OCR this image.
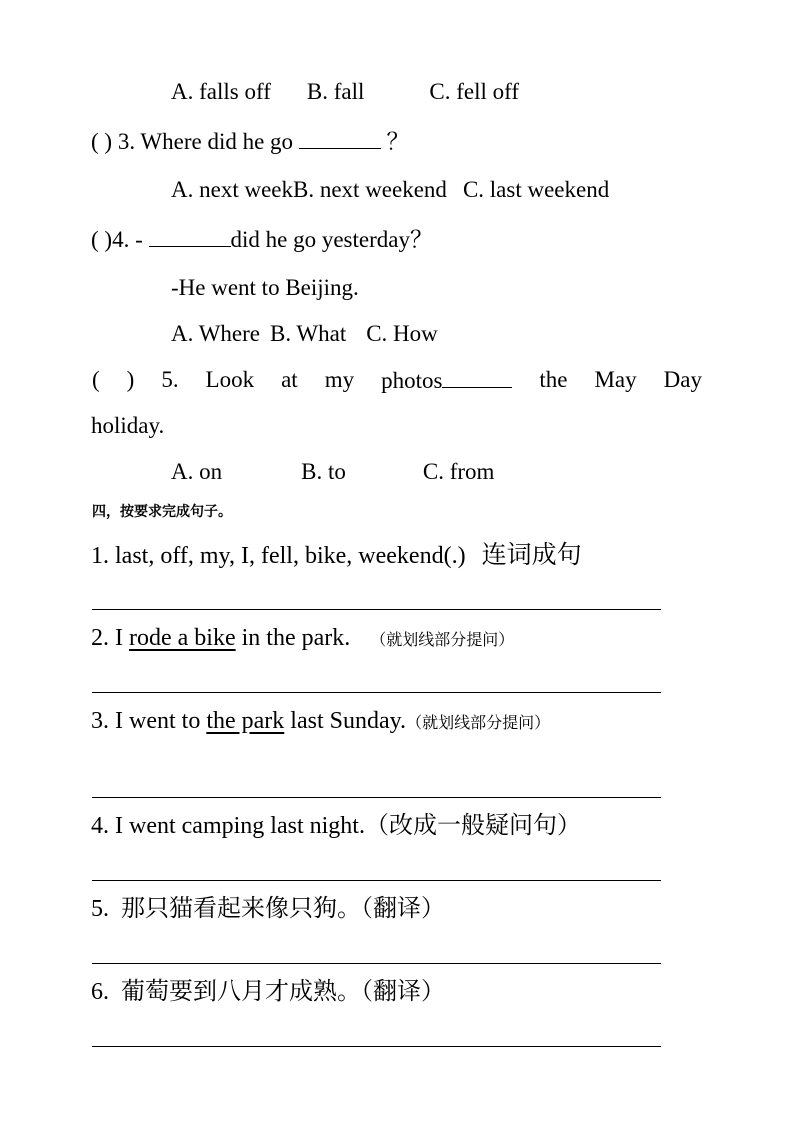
A. falls off B. fall	C. fell off
( ) 3. Where did he go	？
A. next weekB. next weekend C. last weekend
( )4. -	did he go yesterday？
-He went to Beijing.
A. Where B. What C. How
( ) 5. Look at my photos	the May Day
holiday.
A. on	B. to	C. from
四，按要求完成句子。
1. last, off, my, I, fell, bike, weekend(.) 连词成句
2. I rode a bike in the park. （就划线部分提问）
3. I went to the park last Sunday.（就划线部分提问）
4. I went camping last night.（改成一般疑问句）
5. 那只猫看起来像只狗。（翻译）
6. 葡萄要到八月才成熟。（翻译）
